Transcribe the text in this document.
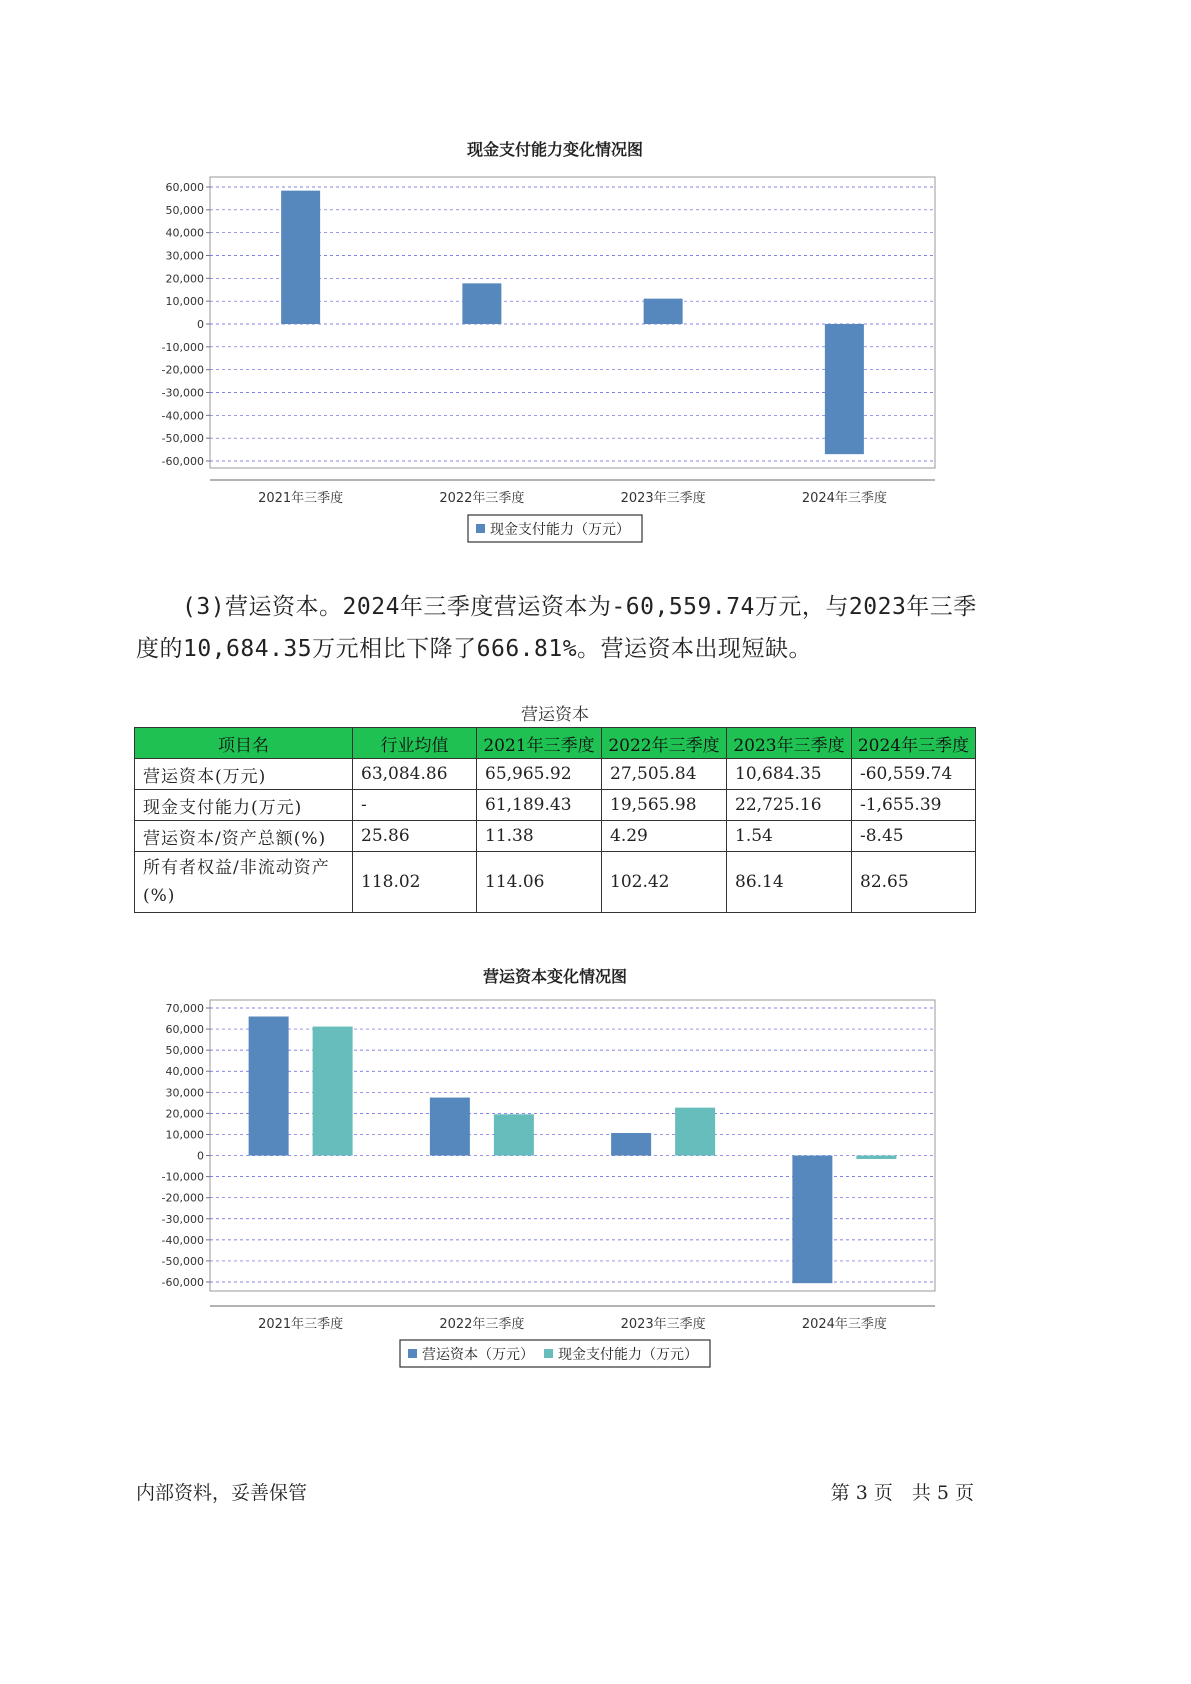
现金支付能力变化情况图
60,000
50,000
40,000
30,000
20,000
10,000
0
-10,000
-20,000
-30,000
-40,000
-50,000
-60,000
2021年三季度	2022年三季度	2023年三季度	2024年三季度
现金支付能力（万元）

(3)营运资本。2024年三季度营运资本为-60,559.74万元，与2023年三季度的10,684.35万元相比下降了666.81%。营运资本出现短缺。

营运资本
项目名	行业均值	2021年三季度	2022年三季度	2023年三季度	2024年三季度
营运资本(万元)	63,084.86	65,965.92	27,505.84	10,684.35	-60,559.74
现金支付能力(万元)	-	61,189.43	19,565.98	22,725.16	-1,655.39
营运资本/资产总额(%)	25.86	11.38	4.29	1.54	-8.45
所有者权益/非流动资产(%)	118.02	114.06	102.42	86.14	82.65
营运资本变化情况图
70,000
60,000
50,000
40,000
30,000
20,000
10,000
0
-10,000
-20,000
-30,000
-40,000
-50,000
-60,000
2021年三季度	2022年三季度	2023年三季度	2024年三季度
营运资本（万元） 现金支付能力（万元）
内部资料，妥善保管	第 3 页　共 5 页
